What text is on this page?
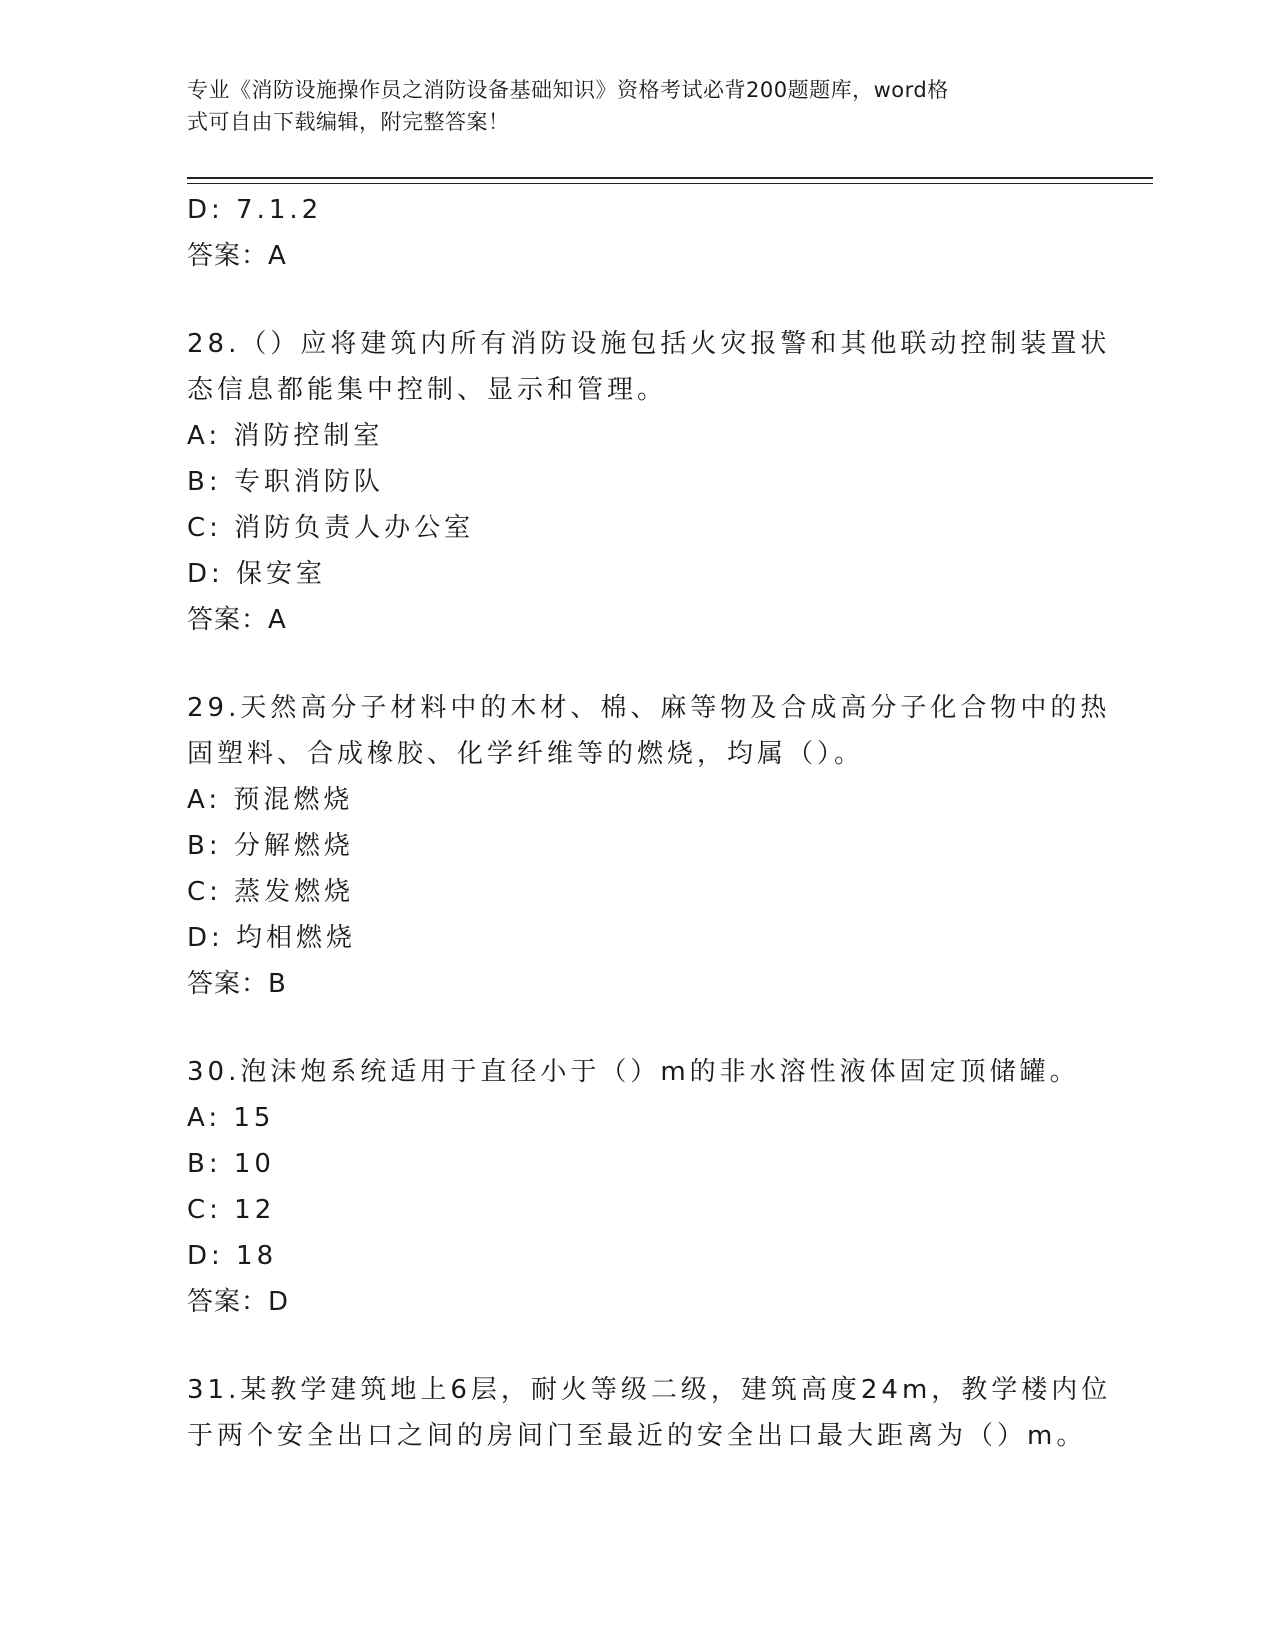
专业《消防设施操作员之消防设备基础知识》资格考试必背200题题库，word格
式可自由下载编辑，附完整答案！
D: 7.1.2
答案：A
28.（）应将建筑内所有消防设施包括火灾报警和其他联动控制装置状
态信息都能集中控制、显示和管理。
A: 消防控制室
B: 专职消防队
C: 消防负责人办公室
D: 保安室
答案：A
29.天然高分子材料中的木材、棉、麻等物及合成高分子化合物中的热
固塑料、合成橡胶、化学纤维等的燃烧，均属（）。
A: 预混燃烧
B: 分解燃烧
C: 蒸发燃烧
D: 均相燃烧
答案：B
30.泡沫炮系统适用于直径小于（）m的非水溶性液体固定顶储罐。
A: 15
B: 10
C: 12
D: 18
答案：D
31.某教学建筑地上6层，耐火等级二级，建筑高度24m，教学楼内位
于两个安全出口之间的房间门至最近的安全出口最大距离为（）m。
